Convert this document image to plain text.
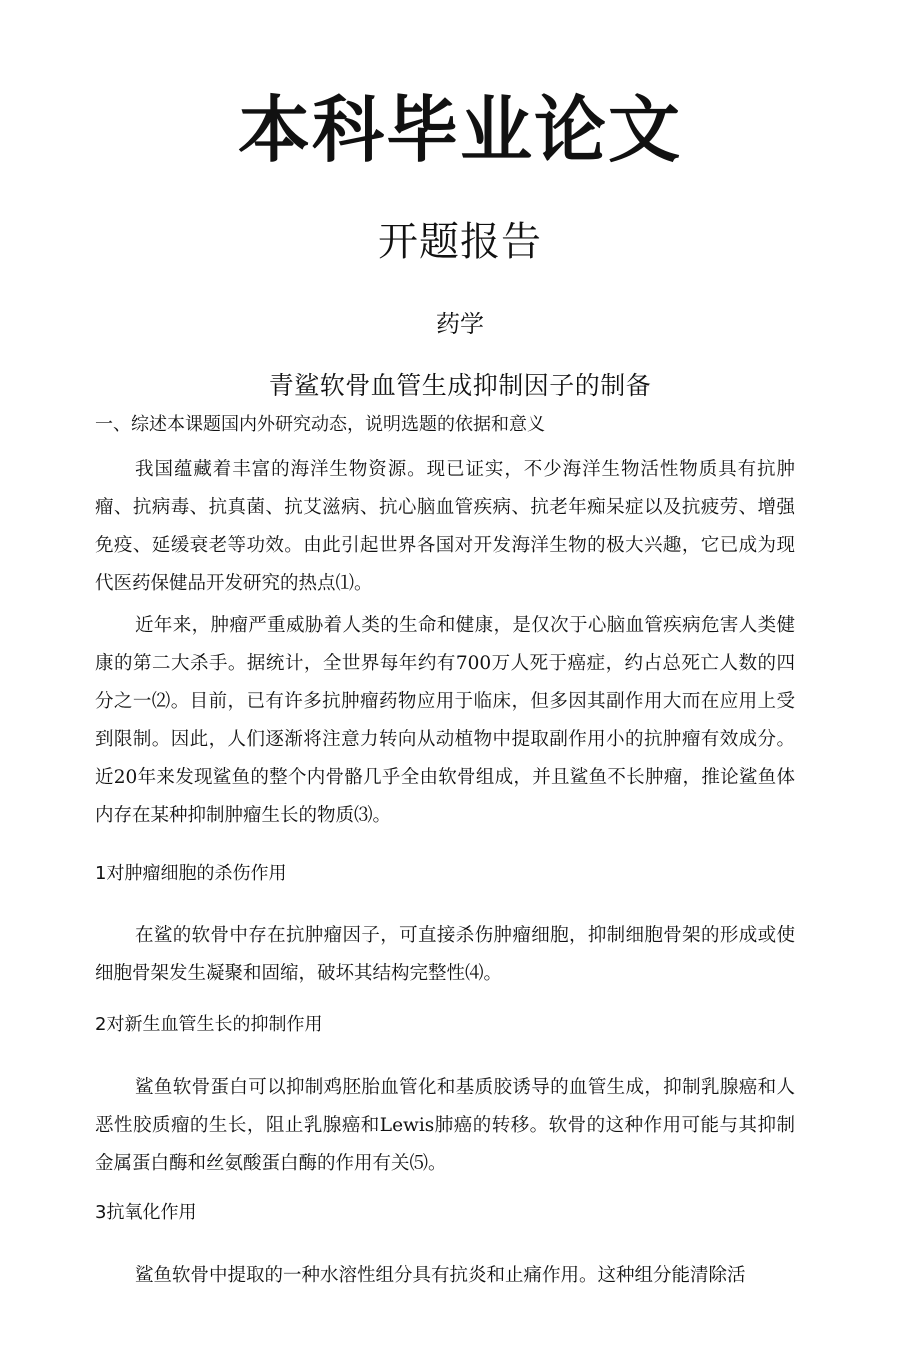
本科毕业论文
开题报告
药学
青鲨软骨血管生成抑制因子的制备
一、综述本课题国内外研究动态，说明选题的依据和意义

我国蕴藏着丰富的海洋生物资源。现已证实，不少海洋生物活性物质具有抗肿瘤、抗病毒、抗真菌、抗艾滋病、抗心脑血管疾病、抗老年痴呆症以及抗疲劳、增强免疫、延缓衰老等功效。由此引起世界各国对开发海洋生物的极大兴趣，它已成为现代医药保健品开发研究的热点⑴。

近年来，肿瘤严重威胁着人类的生命和健康，是仅次于心脑血管疾病危害人类健康的第二大杀手。据统计，全世界每年约有700万人死于癌症，约占总死亡人数的四分之一⑵。目前，已有许多抗肿瘤药物应用于临床，但多因其副作用大而在应用上受到限制。因此，人们逐渐将注意力转向从动植物中提取副作用小的抗肿瘤有效成分。近20年来发现鲨鱼的整个内骨骼几乎全由软骨组成，并且鲨鱼不长肿瘤，推论鲨鱼体内存在某种抑制肿瘤生长的物质⑶。

1对肿瘤细胞的杀伤作用

在鲨的软骨中存在抗肿瘤因子，可直接杀伤肿瘤细胞，抑制细胞骨架的形成或使细胞骨架发生凝聚和固缩，破坏其结构完整性⑷。

2对新生血管生长的抑制作用

鲨鱼软骨蛋白可以抑制鸡胚胎血管化和基质胶诱导的血管生成，抑制乳腺癌和人恶性胶质瘤的生长，阻止乳腺癌和Lewis肺癌的转移。软骨的这种作用可能与其抑制金属蛋白酶和丝氨酸蛋白酶的作用有关⑸。

3抗氧化作用

鲨鱼软骨中提取的一种水溶性组分具有抗炎和止痛作用。这种组分能清除活
